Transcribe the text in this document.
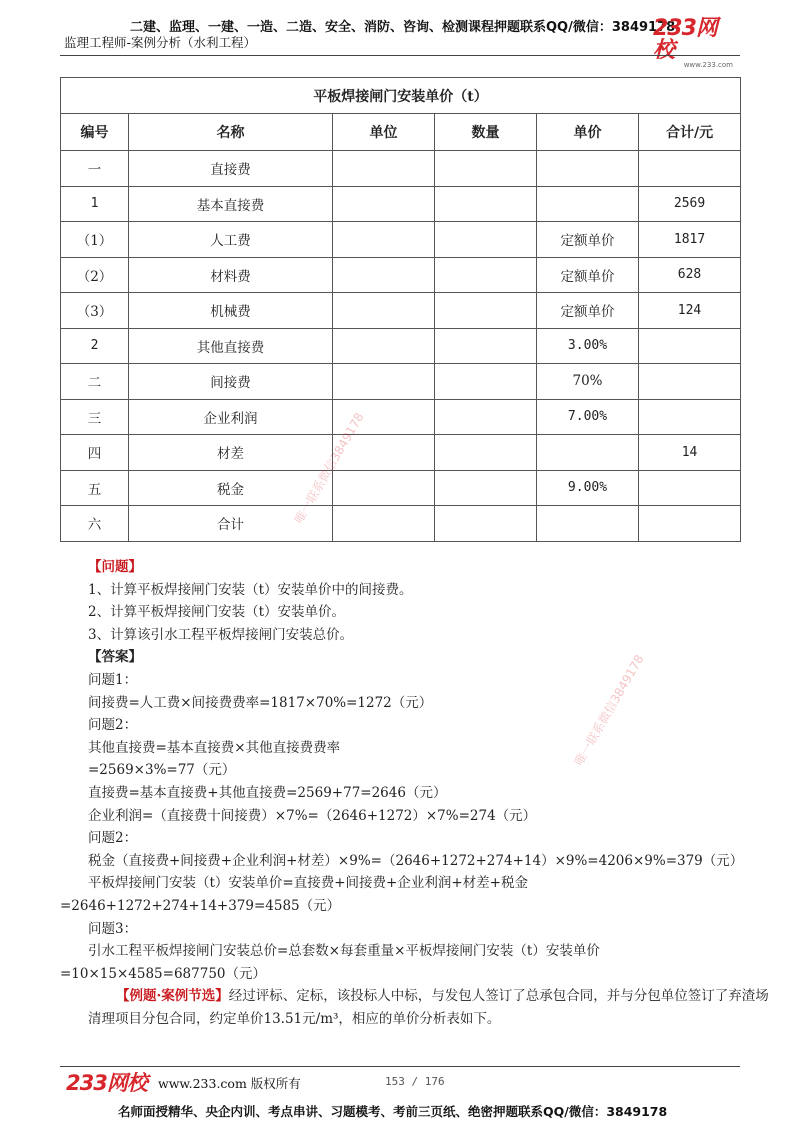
二建、监理、一建、一造、二造、安全、消防、咨询、检测课程押题联系QQ/微信：3849178
监理工程师-案例分析（水利工程）
233网校
www.233.com
平板焊接闸门安装单价（t）					
编号	名称	单位	数量	单价	合计/元
一	直接费				
1	基本直接费				2569
（1）	人工费			定额单价	1817
（2）	材料费			定额单价	628
（3）	机械费			定额单价	124
2	其他直接费			3.00%	
二	间接费			70%	
三	企业利润			7.00%	
四	材差				14
五	税金			9.00%	
六	合计					唯一联系微信3849178
唯一联系微信3849178

【问题】

1、计算平板焊接闸门安装（t）安装单价中的间接费。

2、计算平板焊接闸门安装（t）安装单价。

3、计算该引水工程平板焊接闸门安装总价。

【答案】

问题1：

间接费=人工费×间接费费率=1817×70%=1272（元）

问题2：

其他直接费=基本直接费×其他直接费费率

=2569×3%=77（元）

直接费=基本直接费+其他直接费=2569+77=2646（元）

企业利润=（直接费十间接费）×7%=（2646+1272）×7%=274（元）

问题2：

税金（直接费+间接费+企业利润+材差）×9%=（2646+1272+274+14）×9%=4206×9%=379（元）

平板焊接闸门安装（t）安装单价=直接费+间接费+企业利润+材差+税金

=2646+1272+274+14+379=4585（元）

问题3：

引水工程平板焊接闸门安装总价=总套数×每套重量×平板焊接闸门安装（t）安装单价

=10×15×4585=687750（元）

【例题·案例节选】经过评标、定标，该投标人中标，与发包人签订了总承包合同，并与分包单位签订了弃渣场清理项目分包合同，约定单价13.51元/m³，相应的单价分析表如下。

233网校 www.233.com 版权所有	153 / 176
名师面授精华、央企内训、考点串讲、习题模考、考前三页纸、绝密押题联系QQ/微信：3849178
